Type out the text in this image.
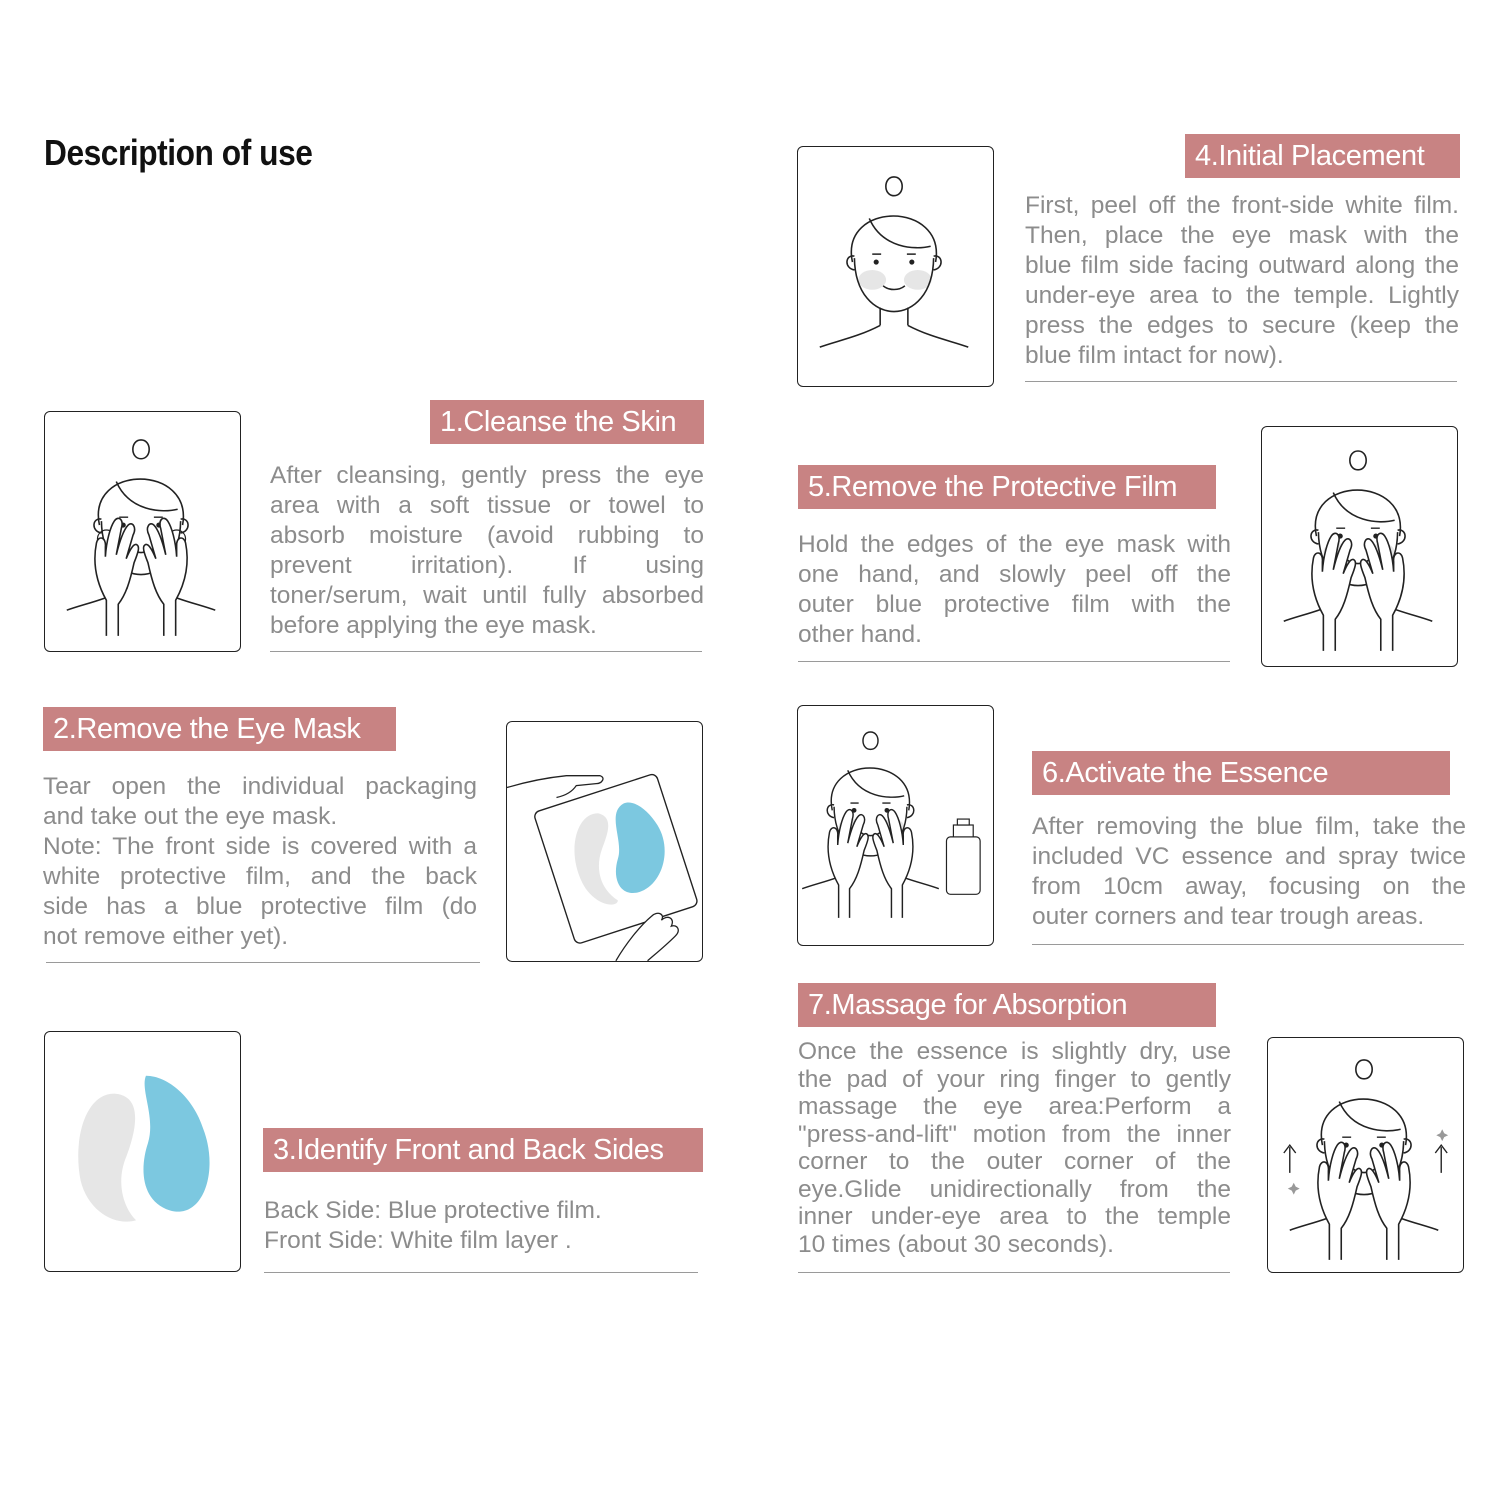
Description of use
1.Cleanse the Skin
After cleansing, gently press the eye
area with a soft tissue or towel to
absorb moisture (avoid rubbing to
prevent irritation). If using
toner/serum, wait until fully absorbed
before applying the eye mask.
2.Remove the Eye Mask
Tear open the individual packaging
and take out the eye mask.
Note: The front side is covered with a
white protective film, and the back
side has a blue protective film (do
not remove either yet).
3.Identify Front and Back Sides
Back Side: Blue protective film.
Front Side: White film layer .
4.Initial Placement
First, peel off the front-side white film.
Then, place the eye mask with the
blue film side facing outward along the
under-eye area to the temple. Lightly
press the edges to secure (keep the
blue film intact for now).
5.Remove the Protective Film
Hold the edges of the eye mask with
one hand, and slowly peel off the
outer blue protective film with the
other hand.
6.Activate the Essence
After removing the blue film, take the
included VC essence and spray twice
from 10cm away, focusing on the
outer corners and tear trough areas.
7.Massage for Absorption
Once the essence is slightly dry, use
the pad of your ring finger to gently
massage the eye area:Perform a
"press-and-lift" motion from the inner
corner to the outer corner of the
eye.Glide unidirectionally from the
inner under-eye area to the temple
10 times (about 30 seconds).
